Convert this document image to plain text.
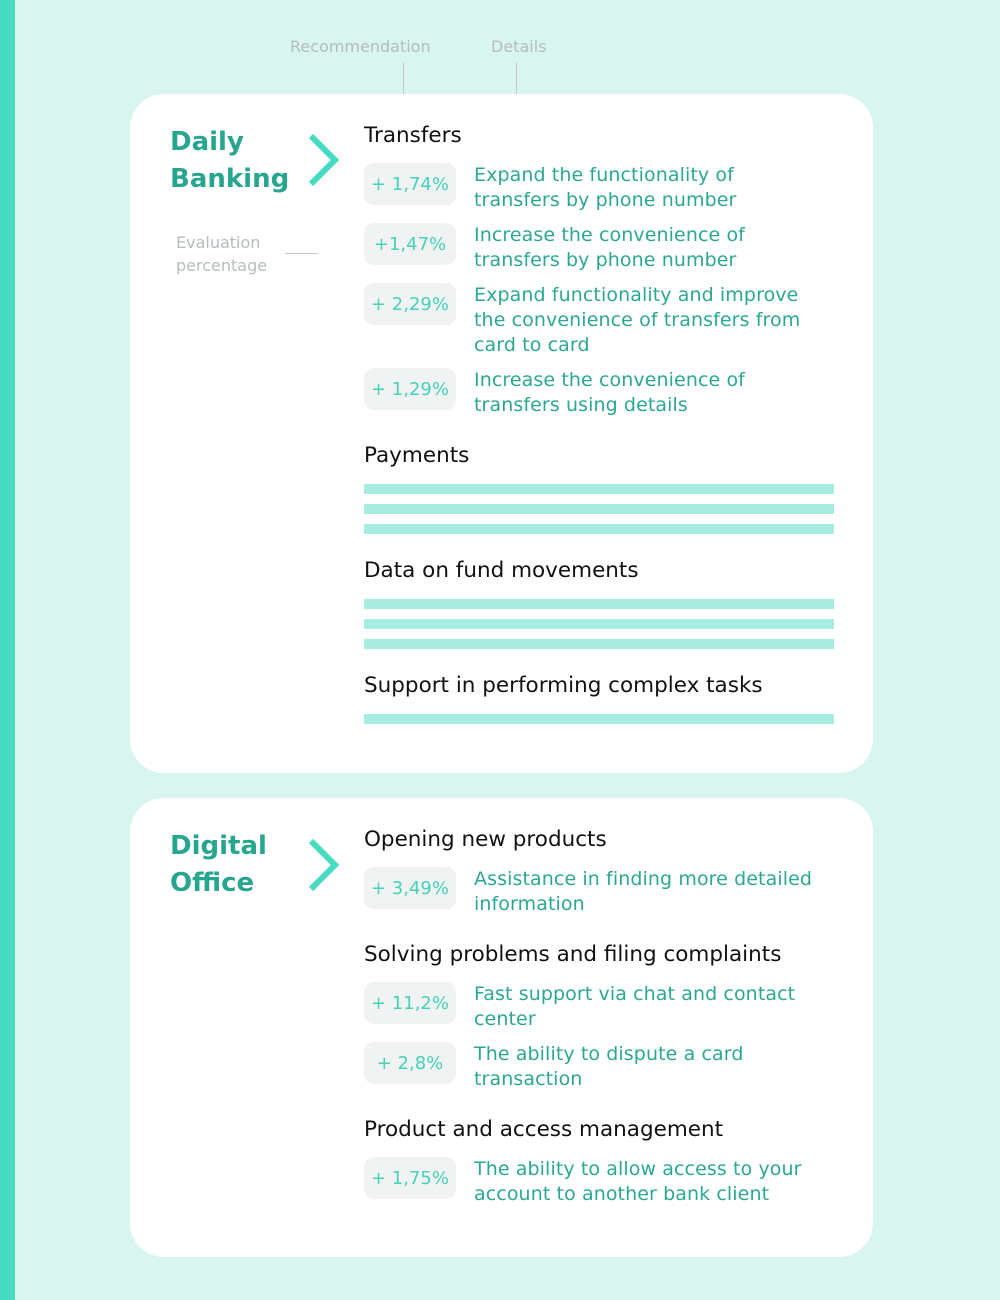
Recommendation	Details
Daily
Banking
Evaluation
percentage
Transfers
+ 1,74%	Expand the functionality of
transfers by phone number
+1,47%	Increase the convenience of
transfers by phone number
+ 2,29%	Expand functionality and improve
the convenience of transfers from
card to card
+ 1,29%	Increase the convenience of
transfers using details
Payments
Data on fund movements
Support in performing complex tasks
Digital
Office
Opening new products
+ 3,49%	Assistance in finding more detailed
information
Solving problems and filing complaints
+ 11,2%	Fast support via chat and contact
center
+ 2,8%	The ability to dispute a card
transaction
Product and access management
+ 1,75%	The ability to allow access to your
account to another bank client
